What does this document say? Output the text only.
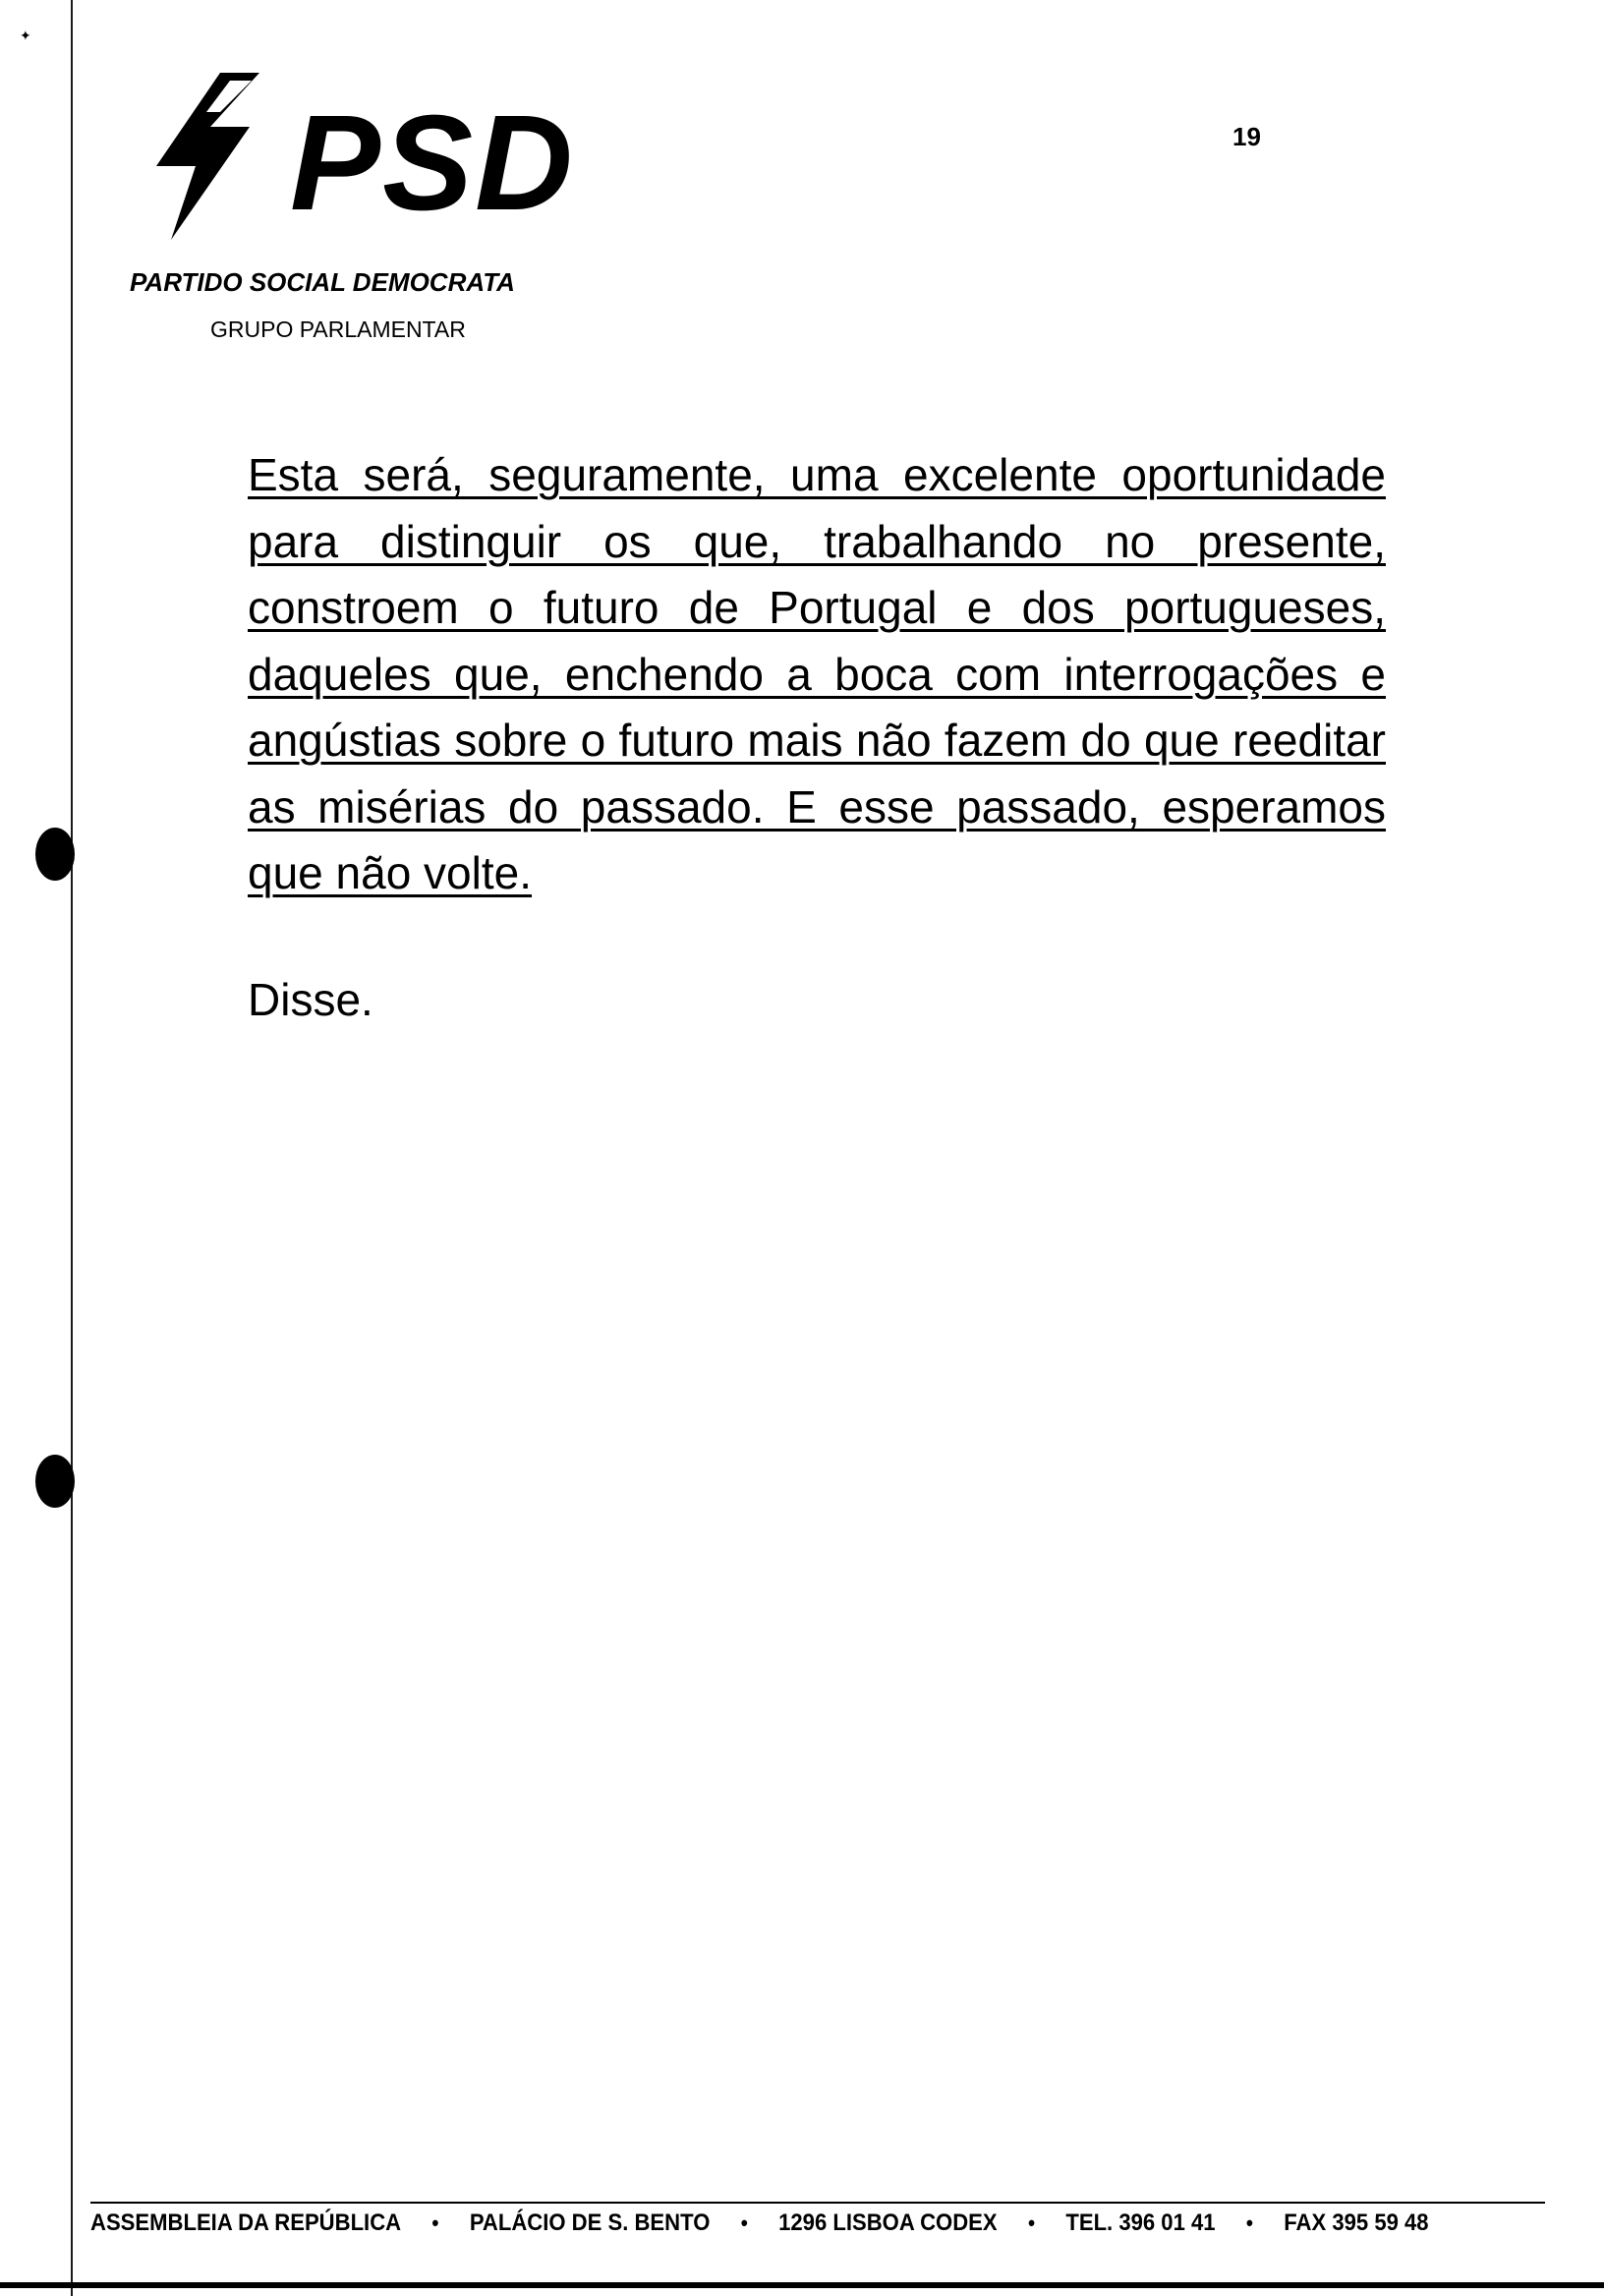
✦
PSD
PARTIDO SOCIAL DEMOCRATA
GRUPO PARLAMENTAR
19

Esta será, seguramente, uma excelente oportunidade para distinguir os que, trabalhando no presente, constroem o futuro de Portugal e dos portugueses, daqueles que, enchendo a boca com interrogações e angústias sobre o futuro mais não fazem do que reeditar as misérias do passado. E esse passado, esperamos que não volte.

Disse.

ASSEMBLEIA DA REPÚBLICA • PALÁCIO DE S. BENTO • 1296 LISBOA CODEX • TEL. 396 01 41 • FAX 395 59 48
